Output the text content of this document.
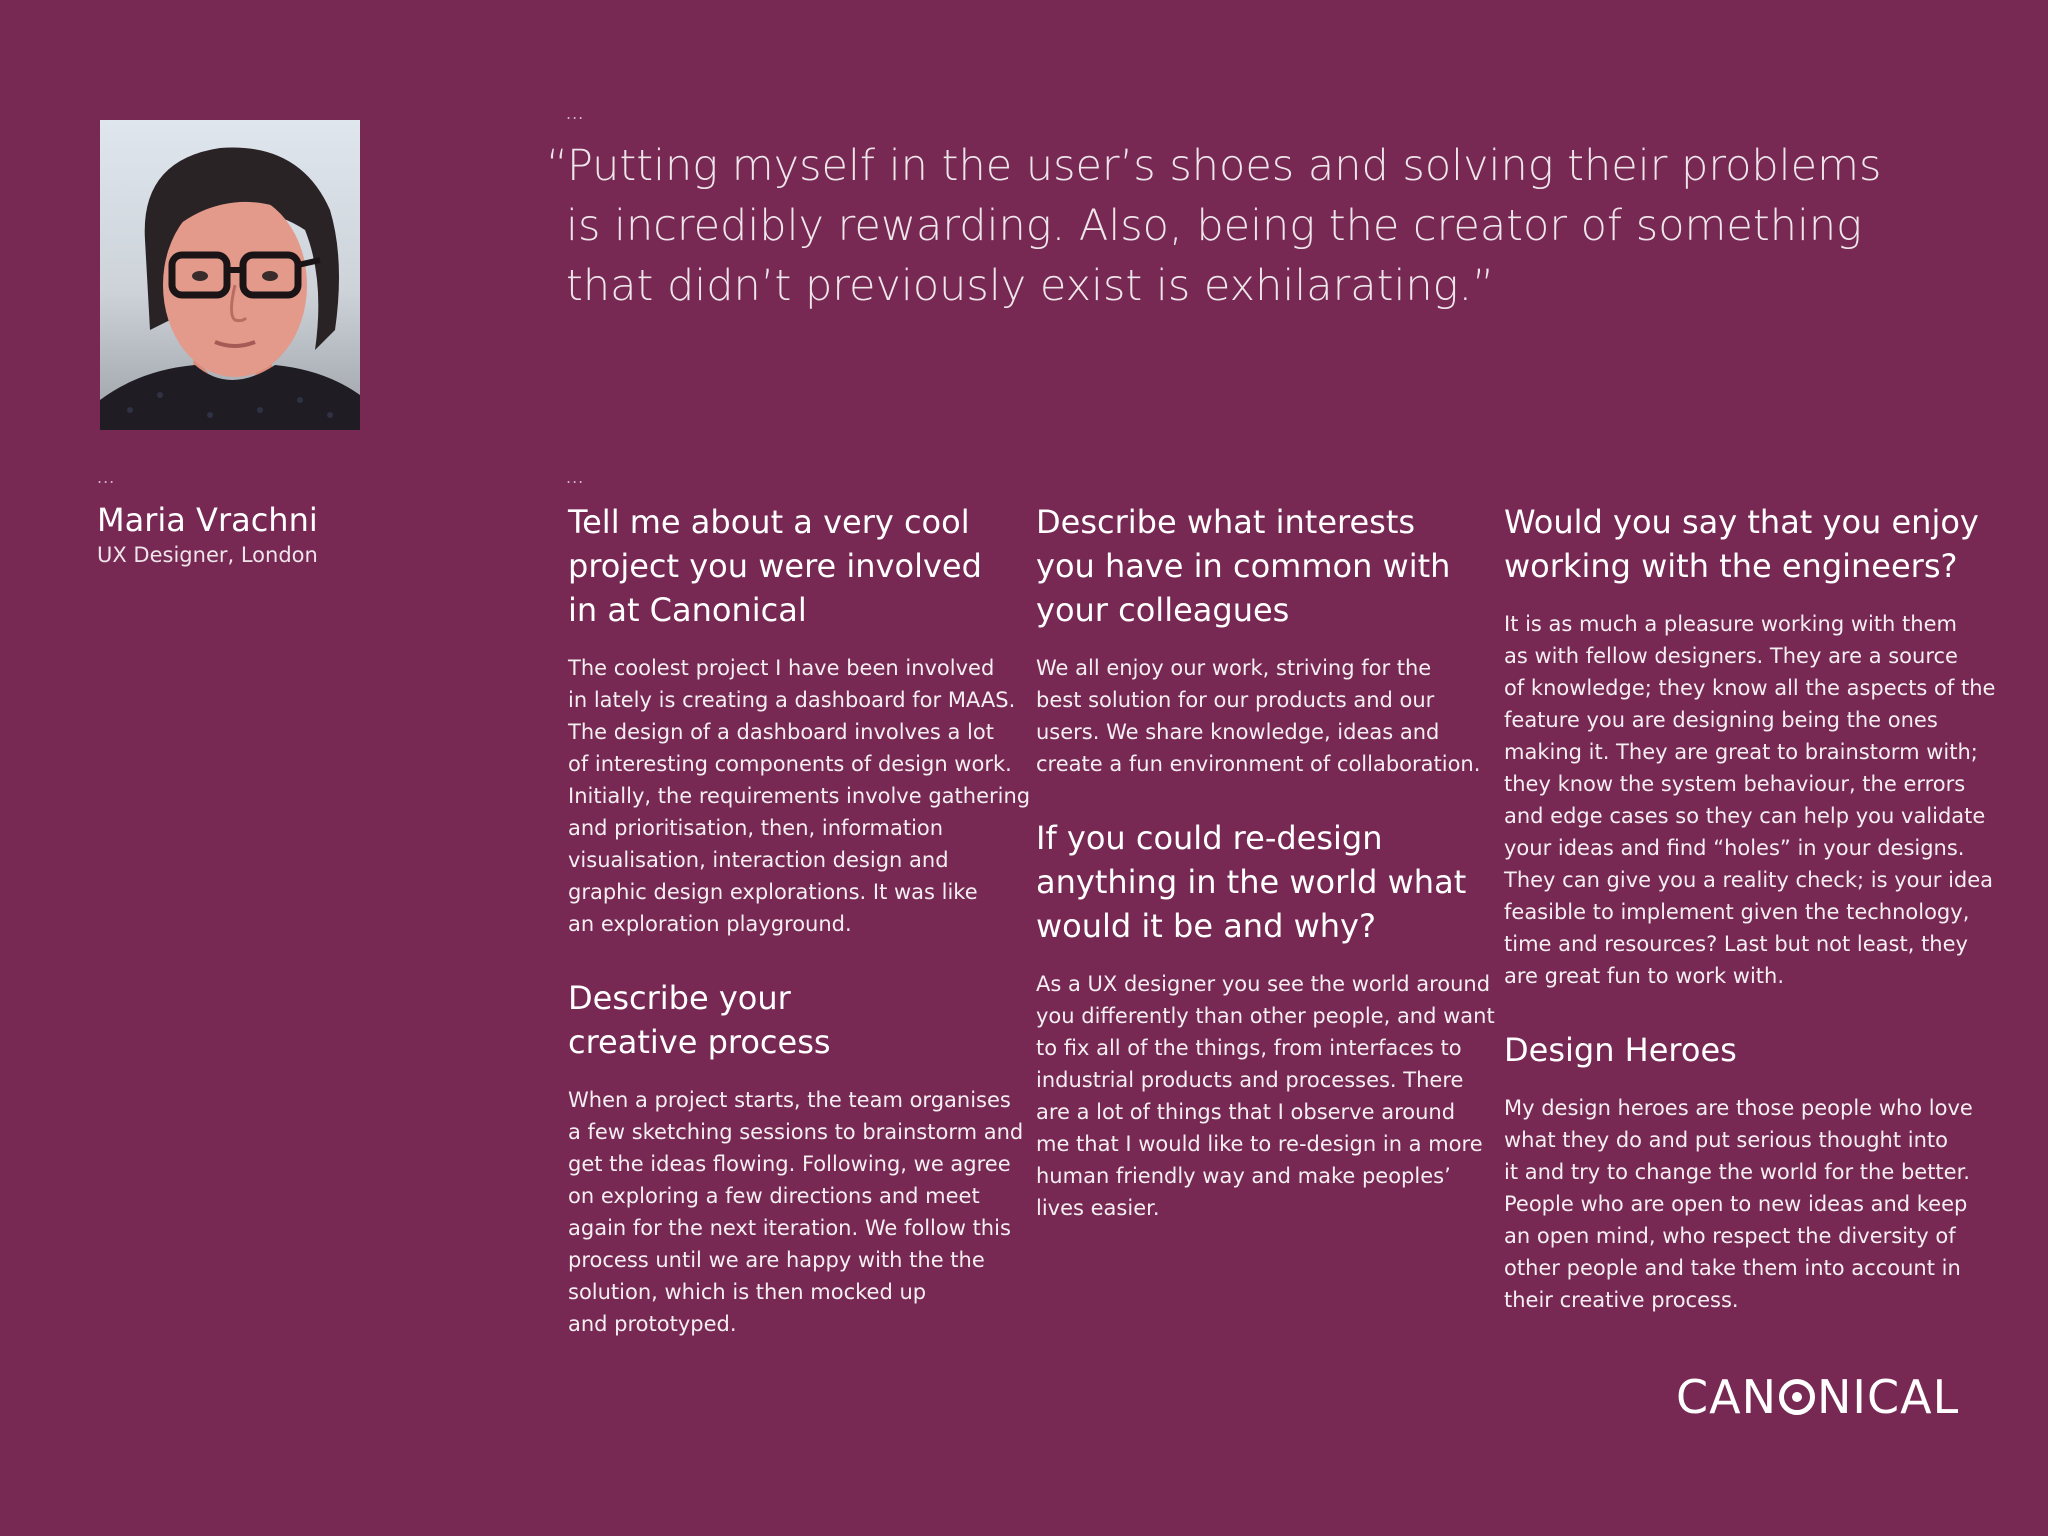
...
...	...

“Putting myself in the user’s shoes and solving their problems
is incredibly rewarding. Also, being the creator of something
that didn’t previously exist is exhilarating.”

Maria Vrachni

UX Designer, London

Tell me about a very cool
project you were involved
in at Canonical

The coolest project I have been involved
in lately is creating a dashboard for MAAS.
The design of a dashboard involves a lot
of interesting components of design work.
Initially, the requirements involve gathering
and prioritisation, then, information
visualisation, interaction design and
graphic design explorations. It was like
an exploration playground.

Describe your
creative process

When a project starts, the team organises
a few sketching sessions to brainstorm and
get the ideas flowing. Following, we agree
on exploring a few directions and meet
again for the next iteration. We follow this
process until we are happy with the the
solution, which is then mocked up
and prototyped.

Describe what interests
you have in common with
your colleagues

We all enjoy our work, striving for the
best solution for our products and our
users. We share knowledge, ideas and
create a fun environment of collaboration.

If you could re-design
anything in the world what
would it be and why?

As a UX designer you see the world around
you differently than other people, and want
to fix all of the things, from interfaces to
industrial products and processes. There
are a lot of things that I observe around
me that I would like to re-design in a more
human friendly way and make peoples’
lives easier.

Would you say that you enjoy
working with the engineers?

It is as much a pleasure working with them
as with fellow designers. They are a source
of knowledge; they know all the aspects of the
feature you are designing being the ones
making it. They are great to brainstorm with;
they know the system behaviour, the errors
and edge cases so they can help you validate
your ideas and find “holes” in your designs.
They can give you a reality check; is your idea
feasible to implement given the technology,
time and resources? Last but not least, they
are great fun to work with.

Design Heroes

My design heroes are those people who love
what they do and put serious thought into
it and try to change the world for the better.
People who are open to new ideas and keep
an open mind, who respect the diversity of
other people and take them into account in
their creative process.

CAN NICAL
